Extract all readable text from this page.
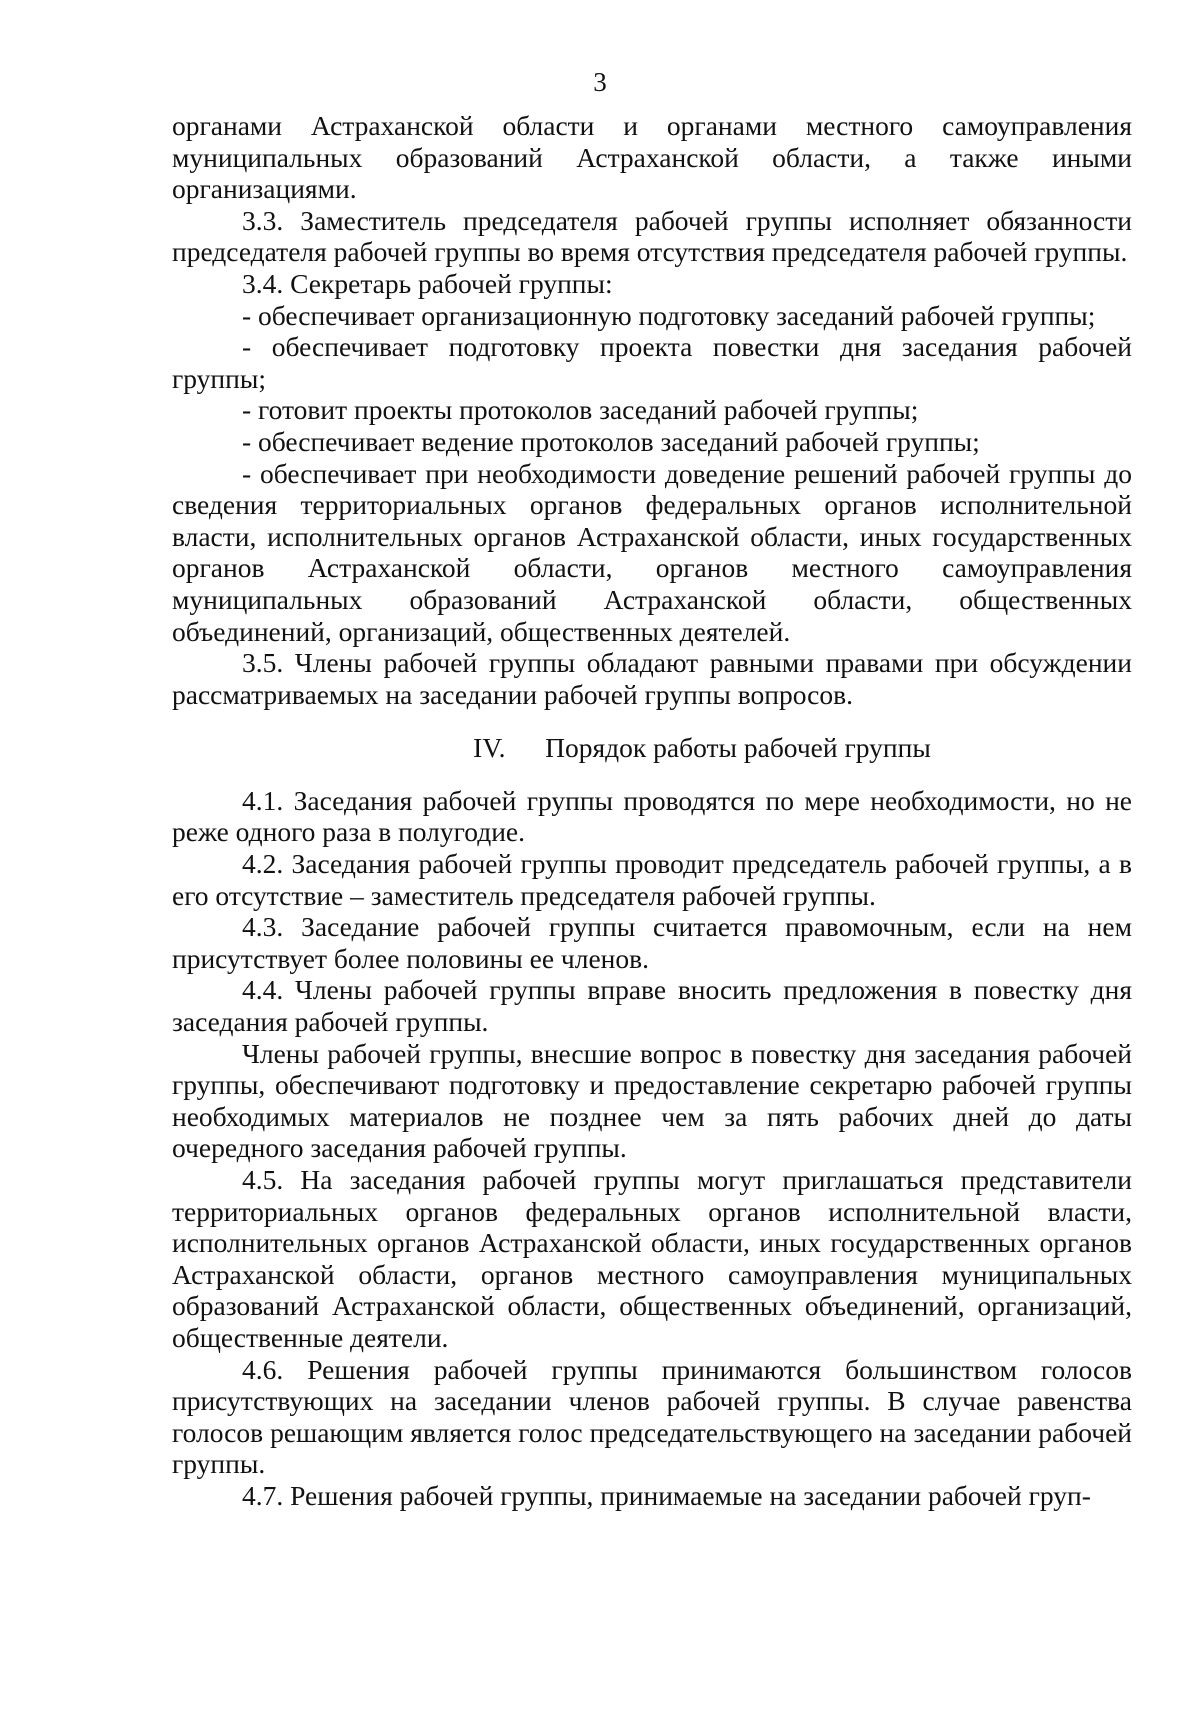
3

органами Астраханской области и органами местного самоуправления муниципальных образований Астраханской области, а также иными организациями.

3.3. Заместитель председателя рабочей группы исполняет обязанности председателя рабочей группы во время отсутствия председателя рабочей группы.

3.4. Секретарь рабочей группы:

- обеспечивает организационную подготовку заседаний рабочей группы;

- обеспечивает подготовку проекта повестки дня заседания рабочей группы;

- готовит проекты протоколов заседаний рабочей группы;

- обеспечивает ведение протоколов заседаний рабочей группы;

- обеспечивает при необходимости доведение решений рабочей группы до сведения территориальных органов федеральных органов исполнительной власти, исполнительных органов Астраханской области, иных государственных органов Астраханской области, органов местного самоуправления муниципальных образований Астраханской области, общественных объединений, организаций, общественных деятелей.

3.5. Члены рабочей группы обладают равными правами при обсуждении рассматриваемых на заседании рабочей группы вопросов.

IV. Порядок работы рабочей группы

4.1. Заседания рабочей группы проводятся по мере необходимости, но не реже одного раза в полугодие.

4.2. Заседания рабочей группы проводит председатель рабочей группы, а в его отсутствие – заместитель председателя рабочей группы.

4.3. Заседание рабочей группы считается правомочным, если на нем присутствует более половины ее членов.

4.4. Члены рабочей группы вправе вносить предложения в повестку дня заседания рабочей группы.

Члены рабочей группы, внесшие вопрос в повестку дня заседания рабочей группы, обеспечивают подготовку и предоставление секретарю рабочей группы необходимых материалов не позднее чем за пять рабочих дней до даты очередного заседания рабочей группы.

4.5. На заседания рабочей группы могут приглашаться представители территориальных органов федеральных органов исполнительной власти, исполнительных органов Астраханской области, иных государственных органов Астраханской области, органов местного самоуправления муниципальных образований Астраханской области, общественных объединений, организаций, общественные деятели.

4.6. Решения рабочей группы принимаются большинством голосов присутствующих на заседании членов рабочей группы. В случае равенства голосов решающим является голос председательствующего на заседании рабочей группы.

4.7. Решения рабочей группы, принимаемые на заседании рабочей груп-
